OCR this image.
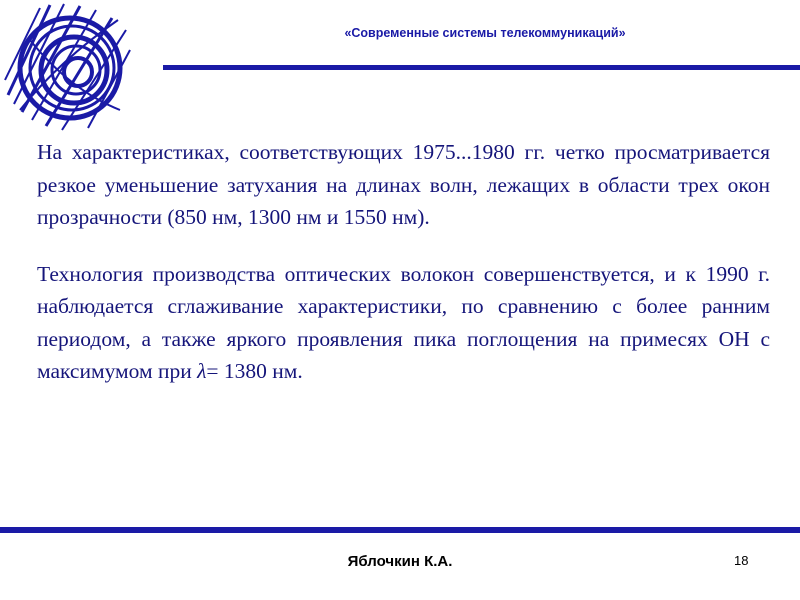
«Современные системы телекоммуникаций»

На характеристиках, соответствующих 1975...1980 гг. четко просматривается резкое уменьшение затухания на длинах волн, лежащих в области трех окон прозрачности (850 нм, 1300 нм и 1550 нм).

Технология производства оптических волокон совершенствуется, и к 1990 г. наблюдается сглаживание характеристики, по сравнению с более ранним периодом, а также яркого проявления пика поглощения на примесях OH с максимумом при λ= 1380 нм.

Яблочкин К.А.	18
